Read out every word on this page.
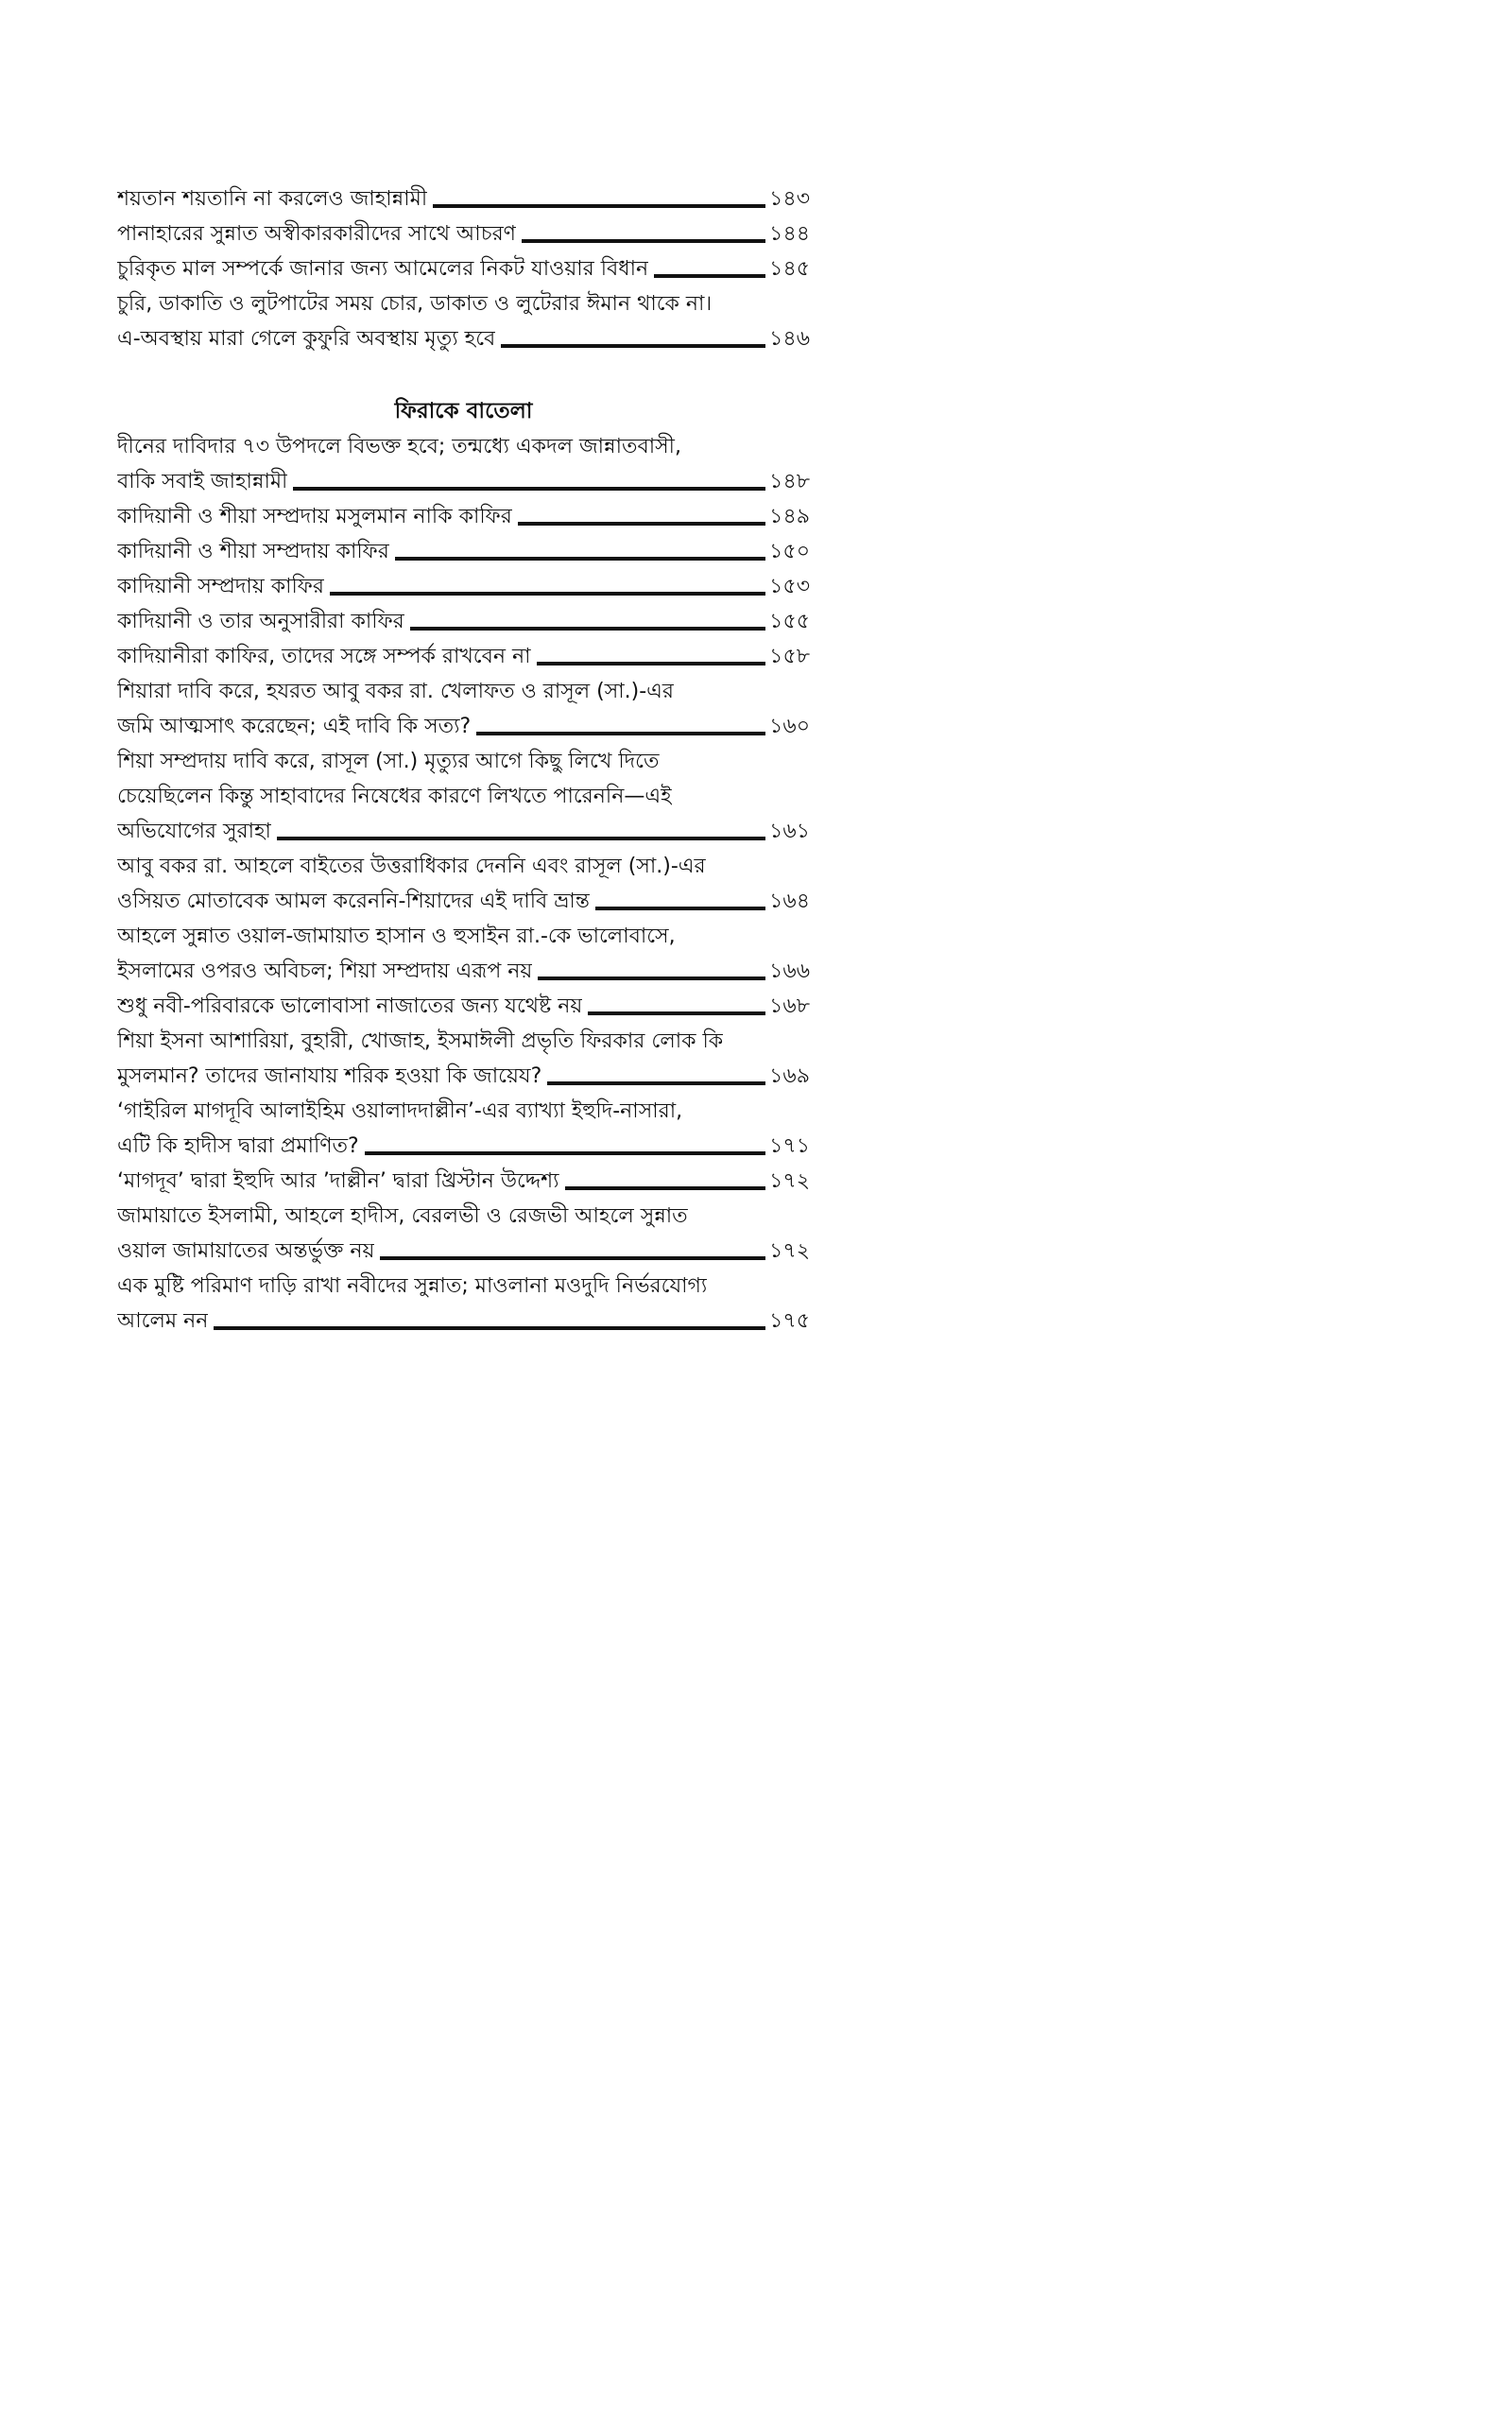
শয়তান শয়তানি না করলেও জাহান্নামী	১৪৩
পানাহারের সুন্নাত অস্বীকারকারীদের সাথে আচরণ	১৪৪
চুরিকৃত মাল সম্পর্কে জানার জন্য আমেলের নিকট যাওয়ার বিধান	১৪৫
চুরি, ডাকাতি ও লুটপাটের সময় চোর, ডাকাত ও লুটেরার ঈমান থাকে না।
এ-অবস্থায় মারা গেলে কুফুরি অবস্থায় মৃত্যু হবে	১৪৬
ফিরাকে বাতেলা
দীনের দাবিদার ৭৩ উপদলে বিভক্ত হবে; তন্মধ্যে একদল জান্নাতবাসী,
বাকি সবাই জাহান্নামী	১৪৮
কাদিয়ানী ও শীয়া সম্প্রদায় মসুলমান নাকি কাফির	১৪৯
কাদিয়ানী ও শীয়া সম্প্রদায় কাফির	১৫০
কাদিয়ানী সম্প্রদায় কাফির	১৫৩
কাদিয়ানী ও তার অনুসারীরা কাফির	১৫৫
কাদিয়ানীরা কাফির, তাদের সঙ্গে সম্পর্ক রাখবেন না	১৫৮
শিয়ারা দাবি করে, হযরত আবু বকর রা. খেলাফত ও রাসূল (সা.)-এর
জমি আত্মসাৎ করেছেন; এই দাবি কি সত্য?	১৬০
শিয়া সম্প্রদায় দাবি করে, রাসূল (সা.) মৃত্যুর আগে কিছু লিখে দিতে
চেয়েছিলেন কিন্তু সাহাবাদের নিষেধের কারণে লিখতে পারেননি—এই
অভিযোগের সুরাহা	১৬১
আবু বকর রা. আহলে বাইতের উত্তরাধিকার দেননি এবং রাসূল (সা.)-এর
ওসিয়ত মোতাবেক আমল করেননি-শিয়াদের এই দাবি ভ্রান্ত	১৬৪
আহলে সুন্নাত ওয়াল-জামায়াত হাসান ও হুসাইন রা.-কে ভালোবাসে,
ইসলামের ওপরও অবিচল; শিয়া সম্প্রদায় এরূপ নয়	১৬৬
শুধু নবী-পরিবারকে ভালোবাসা নাজাতের জন্য যথেষ্ট নয়	১৬৮
শিয়া ইসনা আশারিয়া, বুহারী, খোজাহ, ইসমাঈলী প্রভৃতি ফিরকার লোক কি
মুসলমান? তাদের জানাযায় শরিক হওয়া কি জায়েয?	১৬৯
‘গাইরিল মাগদূবি আলাইহিম ওয়ালাদদাল্লীন’-এর ব্যাখ্যা ইহুদি-নাসারা,
এটি কি হাদীস দ্বারা প্রমাণিত?	১৭১
‘মাগদূব’ দ্বারা ইহুদি আর ’দাল্লীন’ দ্বারা খ্রিস্টান উদ্দেশ্য	১৭২
জামায়াতে ইসলামী, আহলে হাদীস, বেরলভী ও রেজভী আহলে সুন্নাত
ওয়াল জামায়াতের অন্তর্ভুক্ত নয়	১৭২
এক মুষ্টি পরিমাণ দাড়ি রাখা নবীদের সুন্নাত; মাওলানা মওদুদি নির্ভরযোগ্য
আলেম নন	১৭৫
